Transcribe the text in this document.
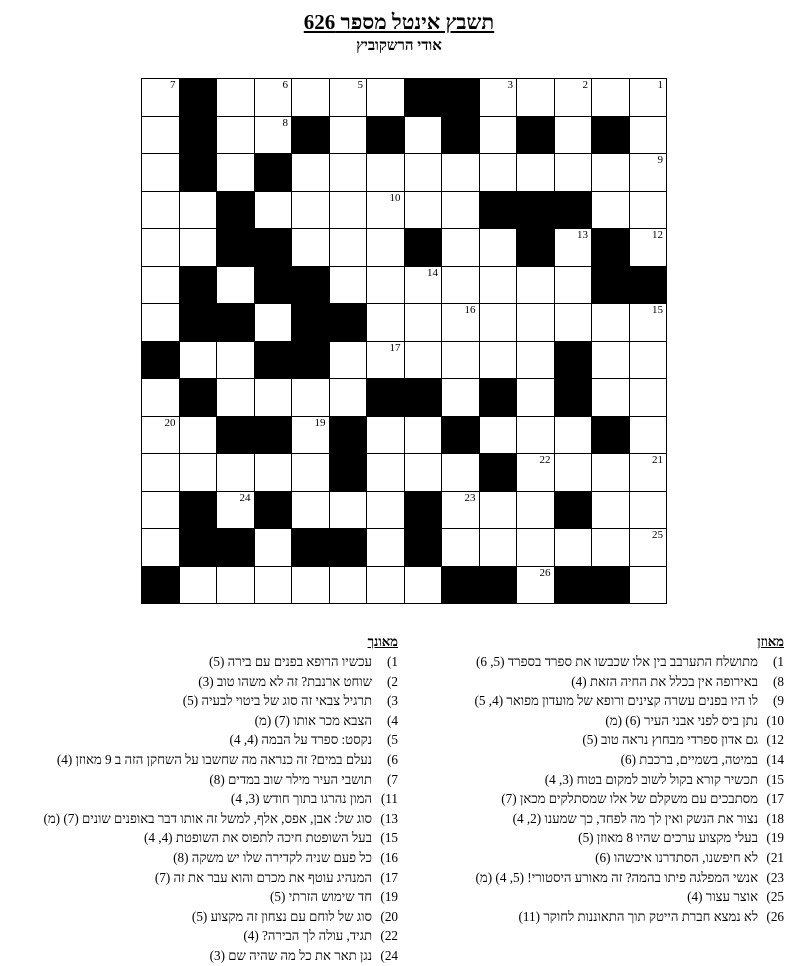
תשבץ אינטל מספר 626
אודי הרשקוביץ
1
2
3
4
5
6
7
8
9
10
11
12
13
14
15
16
17
18
19
20
21
22
23
24
25
26
מאוזן
1)מתושלח התערבב בין אלו שכבשו את ספרד בספרד (5, 6)
8)באירופה אין בכלל את החיה הזאת (4)
9)לו היו בפנים עשרה קצינים ורופא של מועדון מפואר (4, 5)
10)נתן ביס לפני אבני העיר (6) (מ)
12)גם אדון ספרדי מבחוץ נראה טוב (5)
14)במיטה, בשמיים, ברכבת (6)
15)תכשיר קורא בקול לשוב למקום בטוח (3, 4)
17)מסתבכים עם משקלם של אלו שמסתלקים מכאן (7)
18)נצור את הנשק ואין לך מה לפחד, כך שמענו (2, 4)
19)בעלי מקצוע ערכים שהיו 8 מאוזן (5)
21)לא חיפשנו, הסתדרנו איכשהו (6)
23)אנשי המפלגה פיתו בהמה? זה מאורע היסטורי! (5, 4) (מ)
25)אוצר עצור (4)
26)לא נמצא חברת הייטק תוך התאוננות לחוקר (11)
מאונך
1)עכשיו הרופא בפנים עם בירה (5)
2)שוחט ארנבת? זה לא משהו טוב (3)
3)תרגיל צבאי זה סוג של ביטוי לבעיה (5)
4)הצבא מכר אותו (7) (מ)
5)נקסט: ספרד על הבמה (4, 4)
6)נעלם במים? זה כנראה מה שחשבו על השחקן הזה ב 9 מאוזן (4)
7)תושבי העיר מילר שוב במדים (8)
11)המון נהרגו בתוך חודש (3, 4)
13)סוג של: אבן, אפס, אלף, למשל זה אותו דבר באופנים שונים (7) (מ)
15)בעל השופטת חיכה לתפוס את השופטת (4, 4)
16)כל פעם שניה לקדירה שלו יש משקה (8)
17)המנהיג עוטף את מכרם והוא עבר את זה (7)
19)חד שימוש הזרתי (5)
20)סוג של לוחם עם נצחון זה מקצוע (5)
22)תגיד, עולה לך הבירה? (4)
24)נגן תאר את כל מה שהיה שם (3)
